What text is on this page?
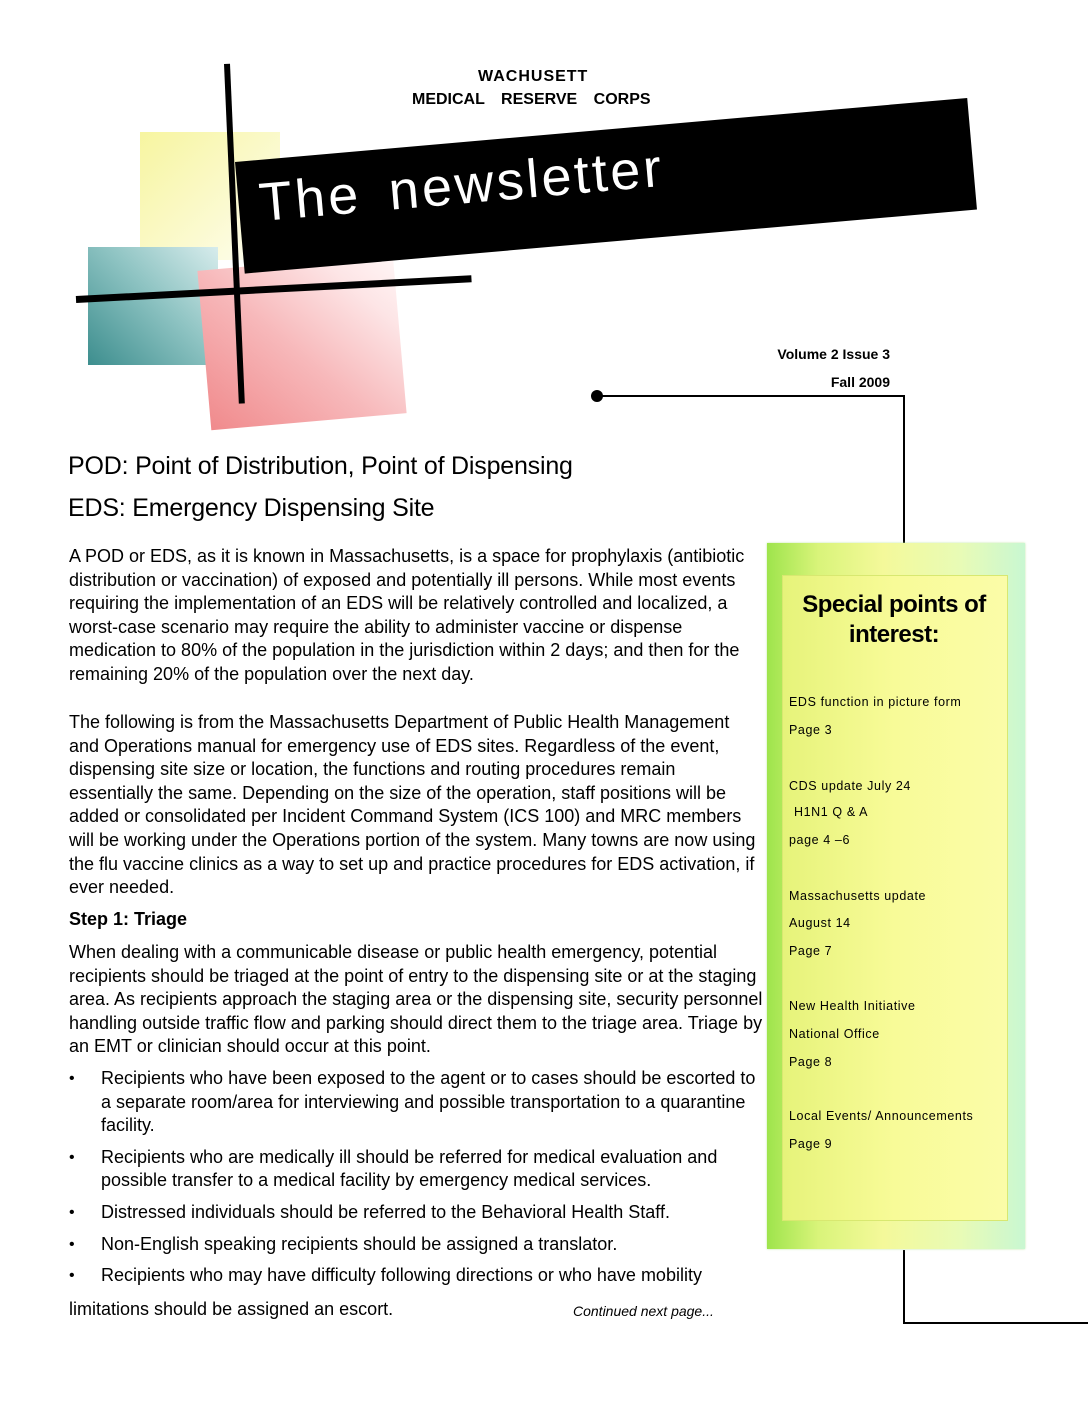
WACHUSETT
MEDICAL RESERVE CORPS
The newsletter
Volume 2 Issue 3
Fall 2009
POD: Point of Distribution, Point of Dispensing
EDS: Emergency Dispensing Site
A POD or EDS, as it is known in Massachusetts, is a space for prophylaxis (antibiotic distribution or vaccination) of exposed and potentially ill persons. While most events requiring the implementation of an EDS will be relatively controlled and localized, a worst-case scenario may require the ability to administer vaccine or dispense medication to 80% of the population in the jurisdiction within 2 days; and then for the remaining 20% of the population over the next day.
The following is from the Massachusetts Department of Public Health Management and Operations manual for emergency use of EDS sites. Regardless of the event, dispensing site size or location, the functions and routing procedures remain essentially the same. Depending on the size of the operation, staff positions will be added or consolidated per Incident Command System (ICS 100) and MRC members will be working under the Operations portion of the system. Many towns are now using the flu vaccine clinics as a way to set up and practice procedures for EDS activation, if ever needed.
Step 1: Triage
When dealing with a communicable disease or public health emergency, potential recipients should be triaged at the point of entry to the dispensing site or at the staging area. As recipients approach the staging area or the dispensing site, security personnel handling outside traffic flow and parking should direct them to the triage area. Triage by an EMT or clinician should occur at this point.
• Recipients who have been exposed to the agent or to cases should be escorted to a separate room/area for interviewing and possible transportation to a quarantine facility.
• Recipients who are medically ill should be referred for medical evaluation and possible transfer to a medical facility by emergency medical services.
• Distressed individuals should be referred to the Behavioral Health Staff.
• Non-English speaking recipients should be assigned a translator.
• Recipients who may have difficulty following directions or who have mobility
limitations should be assigned an escort.	Continued next page...
Special points of interest:
EDS function in picture form
Page 3
CDS update July 24
H1N1 Q & A
page 4 –6
Massachusetts update
August 14
Page 7
New Health Initiative
National Office
Page 8
Local Events/ Announcements
Page 9
